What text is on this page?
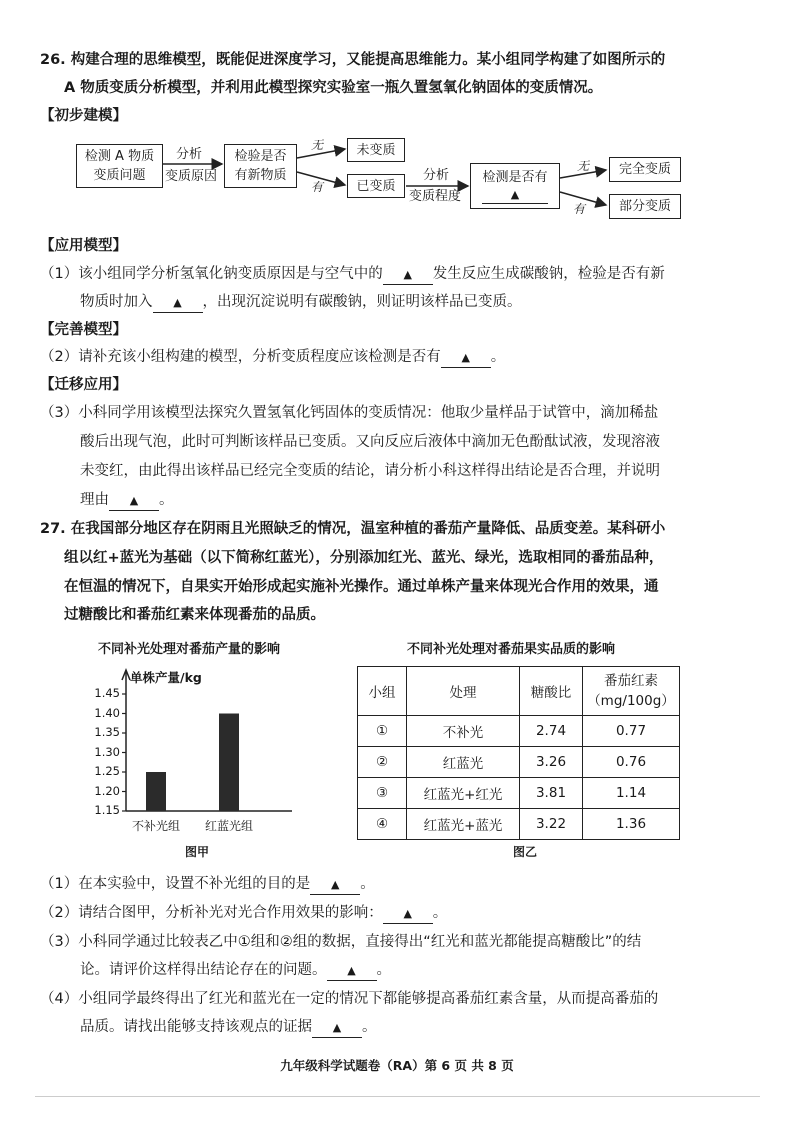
26. 构建合理的思维模型，既能促进深度学习，又能提高思维能力。某小组同学构建了如图所示的
A 物质变质分析模型，并利用此模型探究实验室一瓶久置氢氧化钠固体的变质情况。
【初步建模】
检测 A 物质
变质问题
分析
变质原因
检验是否
有新物质
无
有
未变质
已变质
分析
变质程度
检测是否有
▲
无
有
完全变质
部分变质
【应用模型】
（1）该小组同学分析氢氧化钠变质原因是与空气中的 ▲ 发生反应生成碳酸钠，检验是否有新
物质时加入 ▲ ，出现沉淀说明有碳酸钠，则证明该样品已变质。
【完善模型】
（2）请补充该小组构建的模型，分析变质程度应该检测是否有 ▲ 。
【迁移应用】
（3）小科同学用该模型法探究久置氢氧化钙固体的变质情况：他取少量样品于试管中，滴加稀盐
酸后出现气泡，此时可判断该样品已变质。又向反应后液体中滴加无色酚酞试液，发现溶液
未变红，由此得出该样品已经完全变质的结论，请分析小科这样得出结论是否合理，并说明
理由 ▲ 。
27. 在我国部分地区存在阴雨且光照缺乏的情况，温室种植的番茄产量降低、品质变差。某科研小
组以红+蓝光为基础（以下简称红蓝光），分别添加红光、蓝光、绿光，选取相同的番茄品种，
在恒温的情况下，自果实开始形成起实施补光操作。通过单株产量来体现光合作用的效果，通
过糖酸比和番茄红素来体现番茄的品质。
不同补光处理对番茄产量的影响
1.45
1.40
1.35
1.30
1.25
1.20
1.15
单株产量/kg
不补光组	红蓝光组
图甲
不同补光处理对番茄果实品质的影响
小组	处理	糖酸比	番茄红素
（mg/100g）

①	不补光	2.74	0.77
②	红蓝光	3.26	0.76
③	红蓝光+红光	3.81	1.14
④	红蓝光+蓝光	3.22	1.36
图乙
（1）在本实验中，设置不补光组的目的是 ▲ 。
（2）请结合图甲，分析补光对光合作用效果的影响： ▲ 。
（3）小科同学通过比较表乙中①组和②组的数据，直接得出“红光和蓝光都能提高糖酸比”的结
论。请评价这样得出结论存在的问题。 ▲ 。
（4）小组同学最终得出了红光和蓝光在一定的情况下都能够提高番茄红素含量，从而提高番茄的
品质。请找出能够支持该观点的证据 ▲ 。
九年级科学试题卷（RA）第 6 页 共 8 页
